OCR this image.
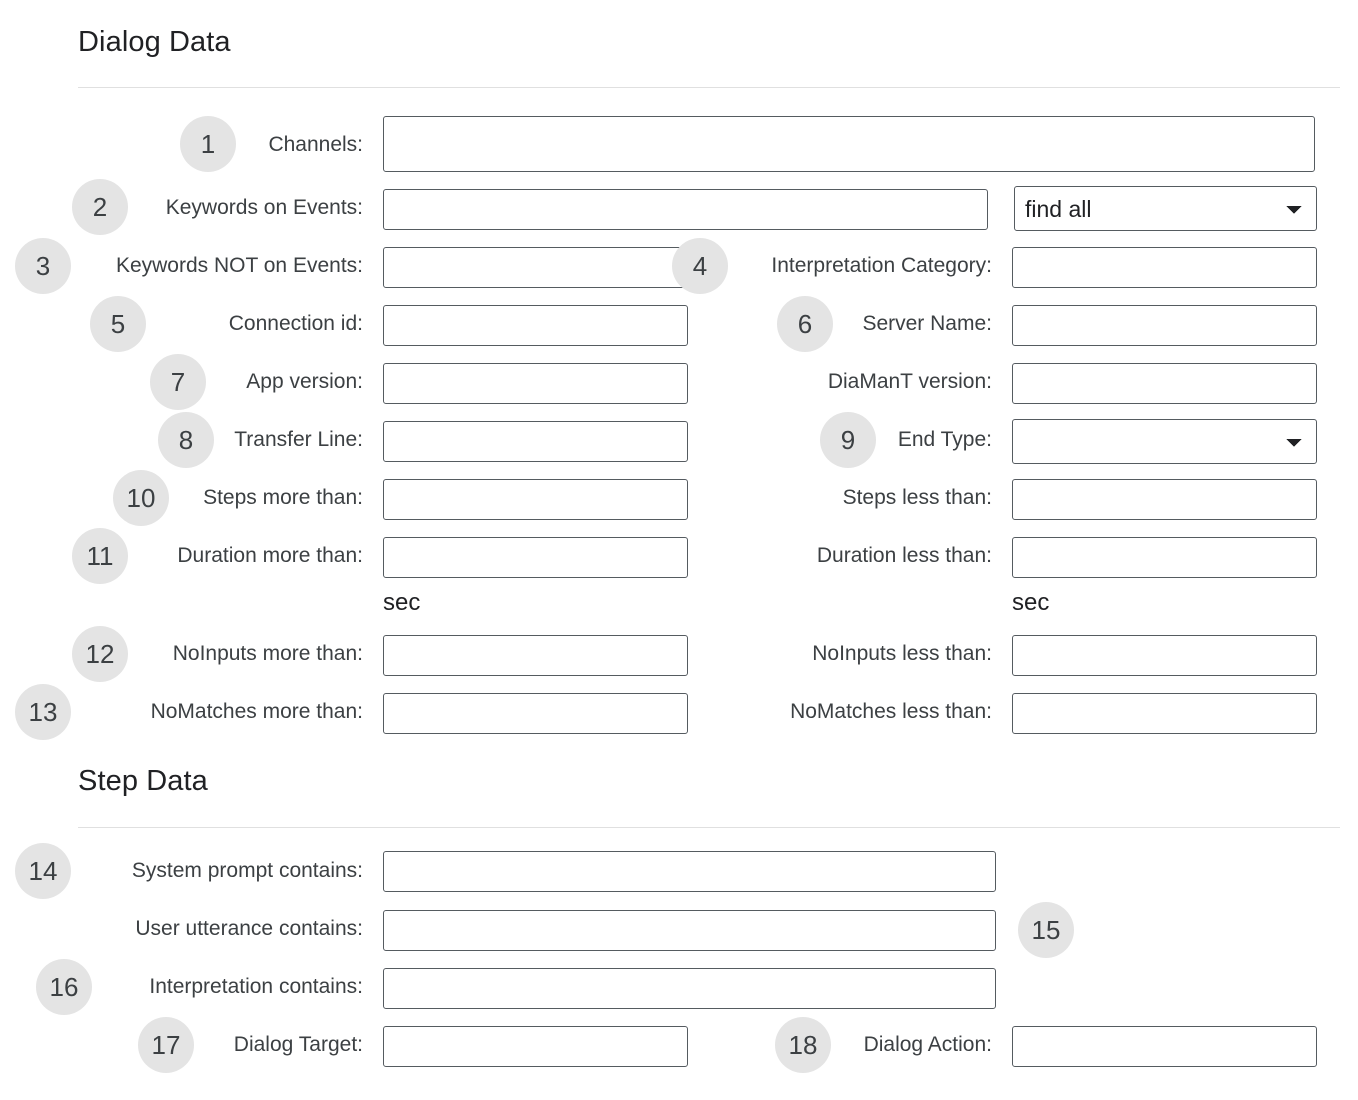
Dialog Data
Channels:
1
Keywords on Events:
find all
2
Keywords NOT on Events:	Interpretation Category:
3	4
Connection id:	Server Name:
5	6
App version:	DiaManT version:
7
Transfer Line:	End Type:
8	9
Steps more than:	Steps less than:
10
Duration more than:	Duration less than:
11
sec	sec
NoInputs more than:	NoInputs less than:
12
NoMatches more than:	NoMatches less than:
13
Step Data
System prompt contains:
14
User utterance contains:	15
Interpretation contains:
16
Dialog Target:	Dialog Action:
17	18
